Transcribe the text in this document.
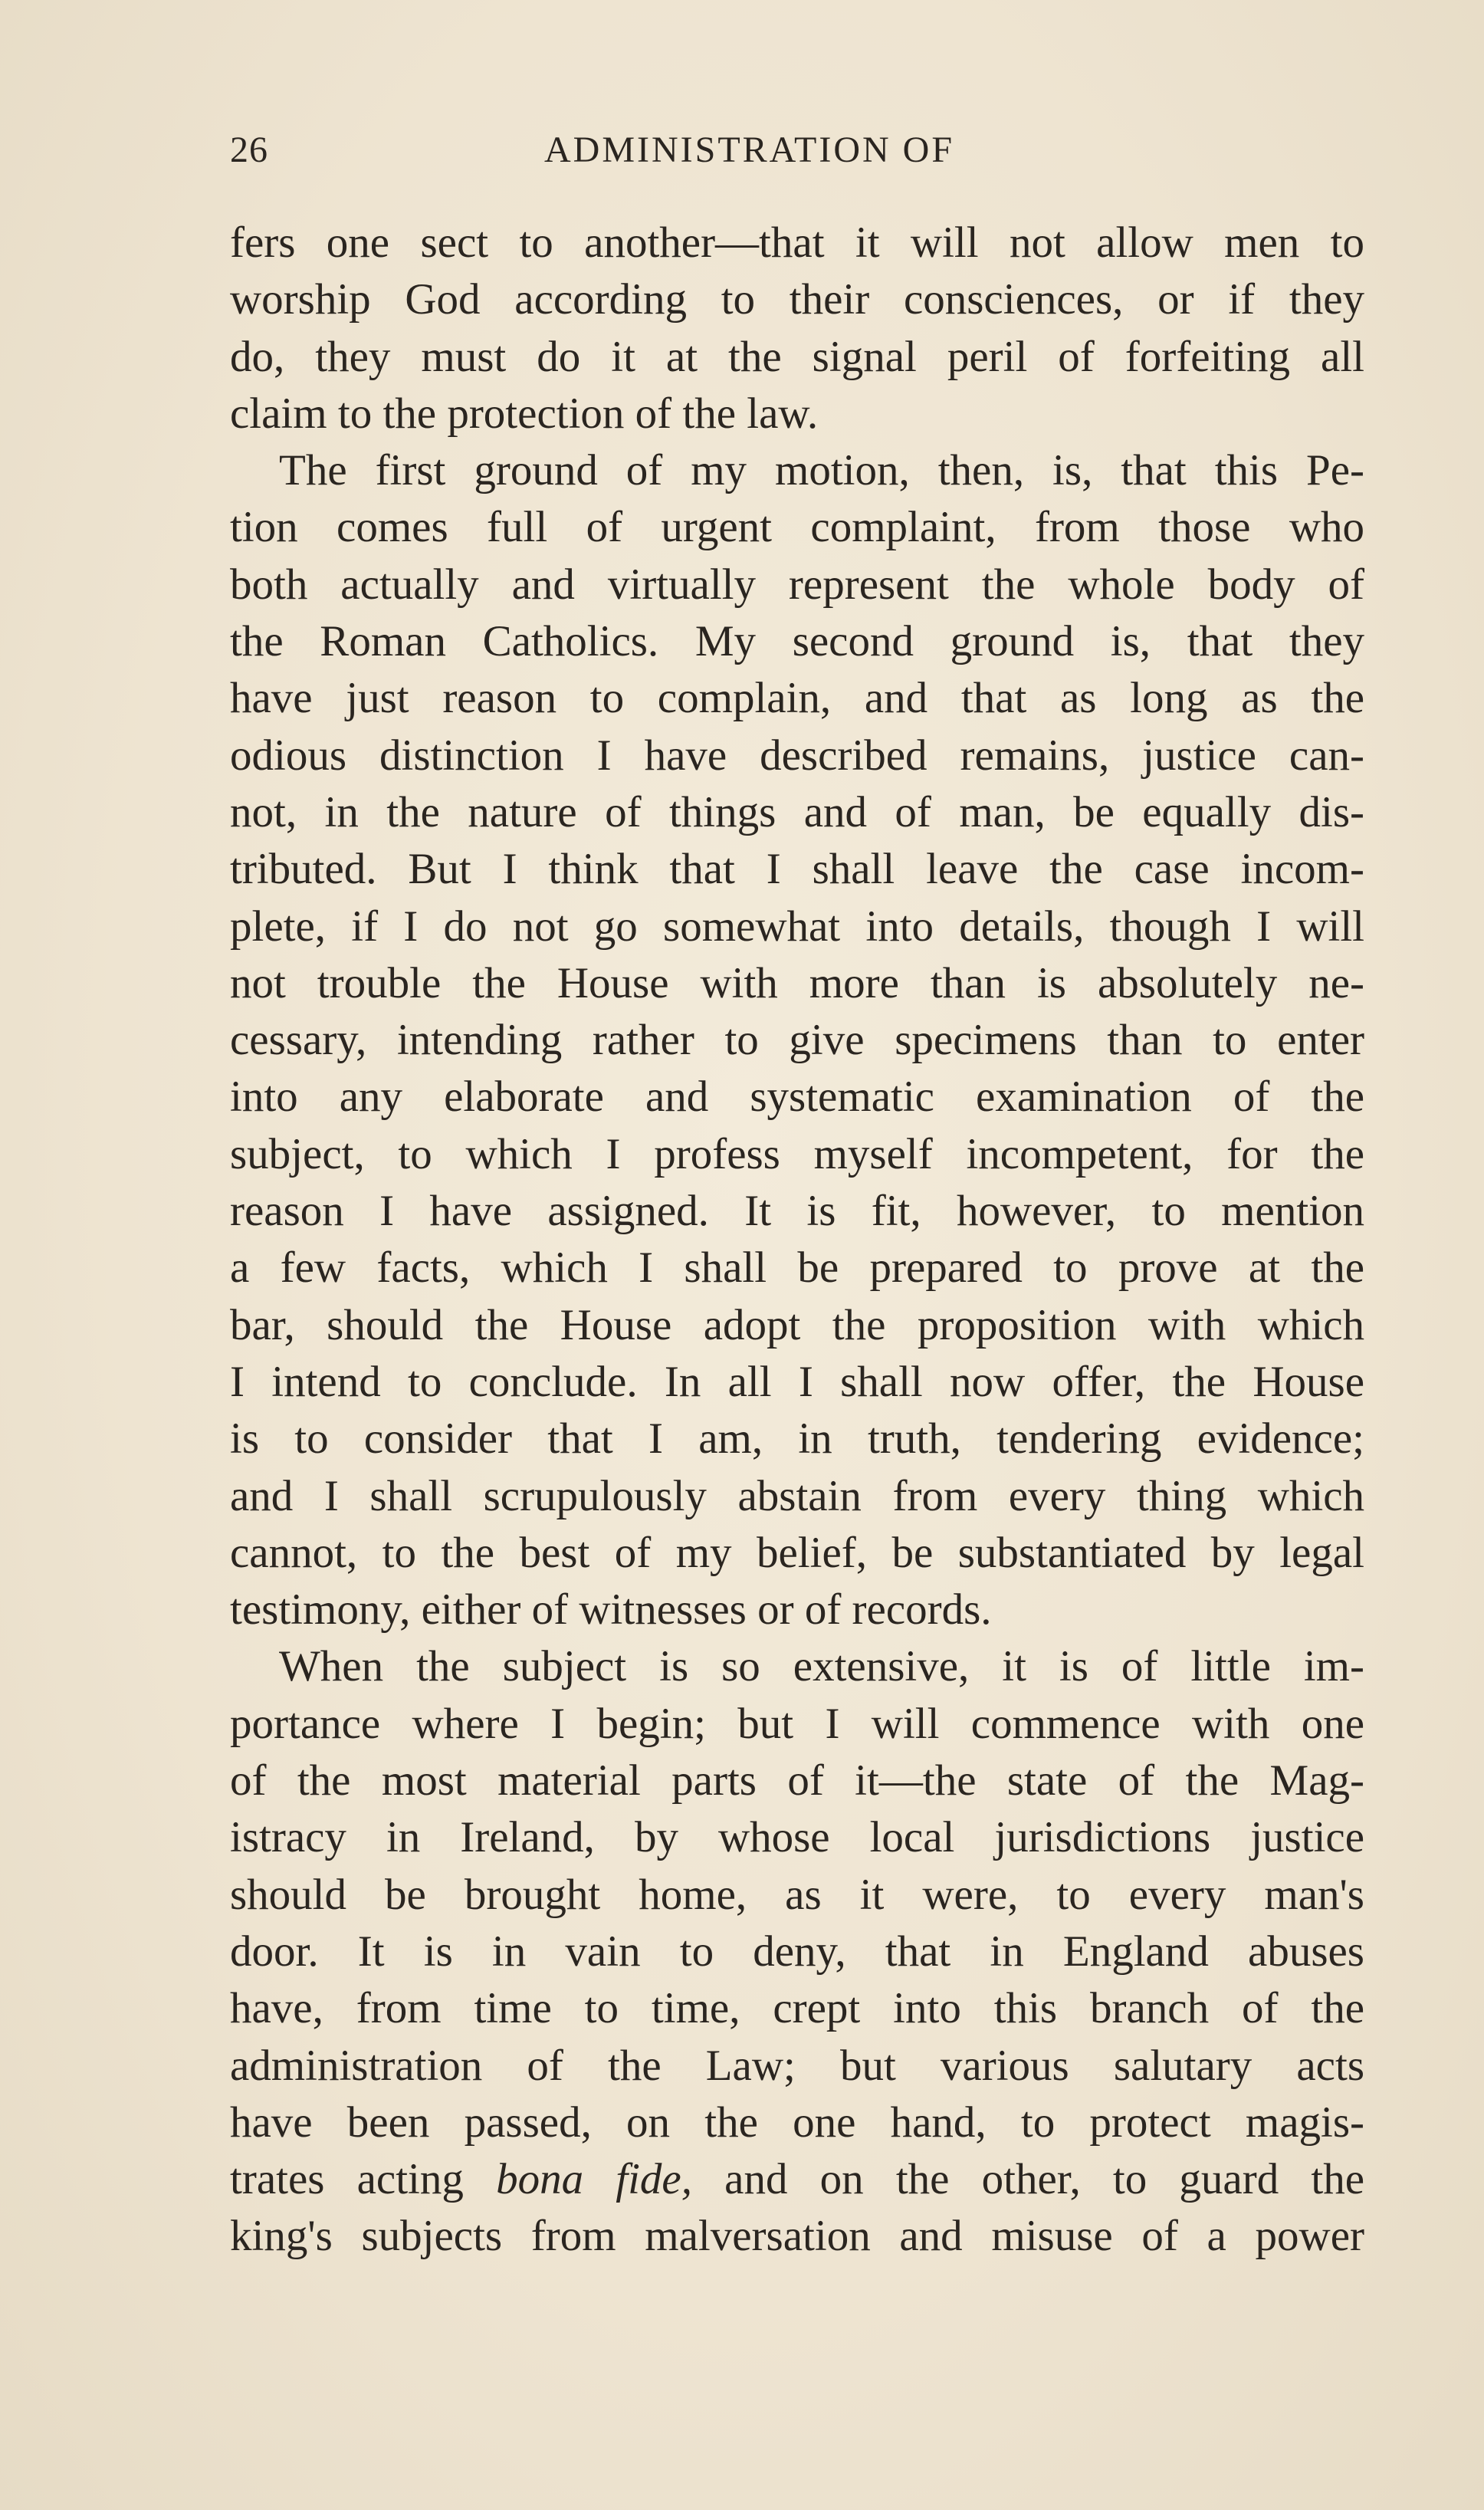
26	ADMINISTRATION OF
fers one sect to another—that it will not allow men to
worship God according to their consciences, or if they
do, they must do it at the signal peril of forfeiting all
claim to the protection of the law.
The first ground of my motion, then, is, that this Pe-
tion comes full of urgent complaint, from those who
both actually and virtually represent the whole body of
the Roman Catholics. My second ground is, that they
have just reason to complain, and that as long as the
odious distinction I have described remains, justice can-
not, in the nature of things and of man, be equally dis-
tributed. But I think that I shall leave the case incom-
plete, if I do not go somewhat into details, though I will
not trouble the House with more than is absolutely ne-
cessary, intending rather to give specimens than to enter
into any elaborate and systematic examination of the
subject, to which I profess myself incompetent, for the
reason I have assigned. It is fit, however, to mention
a few facts, which I shall be prepared to prove at the
bar, should the House adopt the proposition with which
I intend to conclude. In all I shall now offer, the House
is to consider that I am, in truth, tendering evidence;
and I shall scrupulously abstain from every thing which
cannot, to the best of my belief, be substantiated by legal
testimony, either of witnesses or of records.
When the subject is so extensive, it is of little im-
portance where I begin; but I will commence with one
of the most material parts of it—the state of the Mag-
istracy in Ireland, by whose local jurisdictions justice
should be brought home, as it were, to every man's
door. It is in vain to deny, that in England abuses
have, from time to time, crept into this branch of the
administration of the Law; but various salutary acts
have been passed, on the one hand, to protect magis-
trates acting bona fide, and on the other, to guard the
king's subjects from malversation and misuse of a power
